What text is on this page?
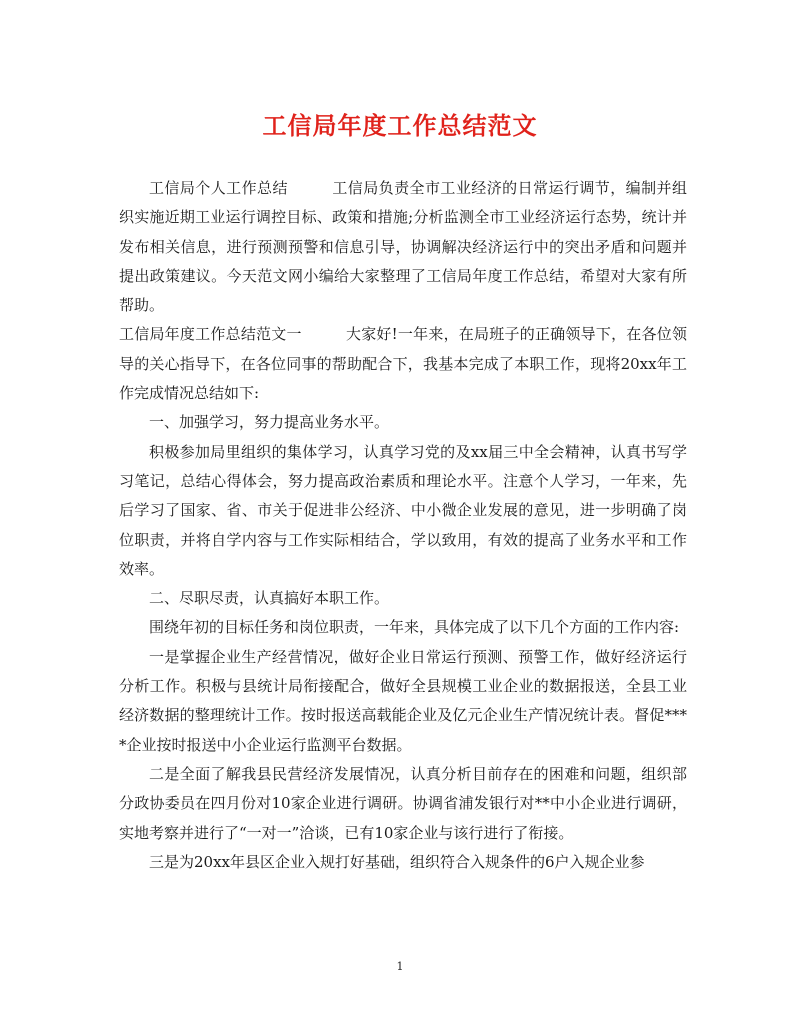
工信局年度工作总结范文

工信局个人工作总结	工信局负责全市工业经济的日常运行调节，编制并组织实施近期工业运行调控目标、政策和措施;分析监测全市工业经济运行态势，统计并发布相关信息，进行预测预警和信息引导，协调解决经济运行中的突出矛盾和问题并提出政策建议。今天范文网小编给大家整理了工信局年度工作总结，希望对大家有所帮助。

工信局年度工作总结范文一	大家好!一年来，在局班子的正确领导下，在各位领导的关心指导下，在各位同事的帮助配合下，我基本完成了本职工作，现将20xx年工作完成情况总结如下:

一、加强学习，努力提高业务水平。

积极参加局里组织的集体学习，认真学习党的及xx届三中全会精神，认真书写学习笔记，总结心得体会，努力提高政治素质和理论水平。注意个人学习，一年来，先后学习了国家、省、市关于促进非公经济、中小微企业发展的意见，进一步明确了岗位职责，并将自学内容与工作实际相结合，学以致用，有效的提高了业务水平和工作效率。

二、尽职尽责，认真搞好本职工作。

围绕年初的目标任务和岗位职责，一年来，具体完成了以下几个方面的工作内容:

一是掌握企业生产经营情况，做好企业日常运行预测、预警工作，做好经济运行分析工作。积极与县统计局衔接配合，做好全县规模工业企业的数据报送，全县工业经济数据的整理统计工作。按时报送高载能企业及亿元企业生产情况统计表。督促****企业按时报送中小企业运行监测平台数据。

二是全面了解我县民营经济发展情况，认真分析目前存在的困难和问题，组织部分政协委员在四月份对10家企业进行调研。协调省浦发银行对**中小企业进行调研，实地考察并进行了“一对一”洽谈，已有10家企业与该行进行了衔接。

三是为20xx年县区企业入规打好基础，组织符合入规条件的6户入规企业参

1
